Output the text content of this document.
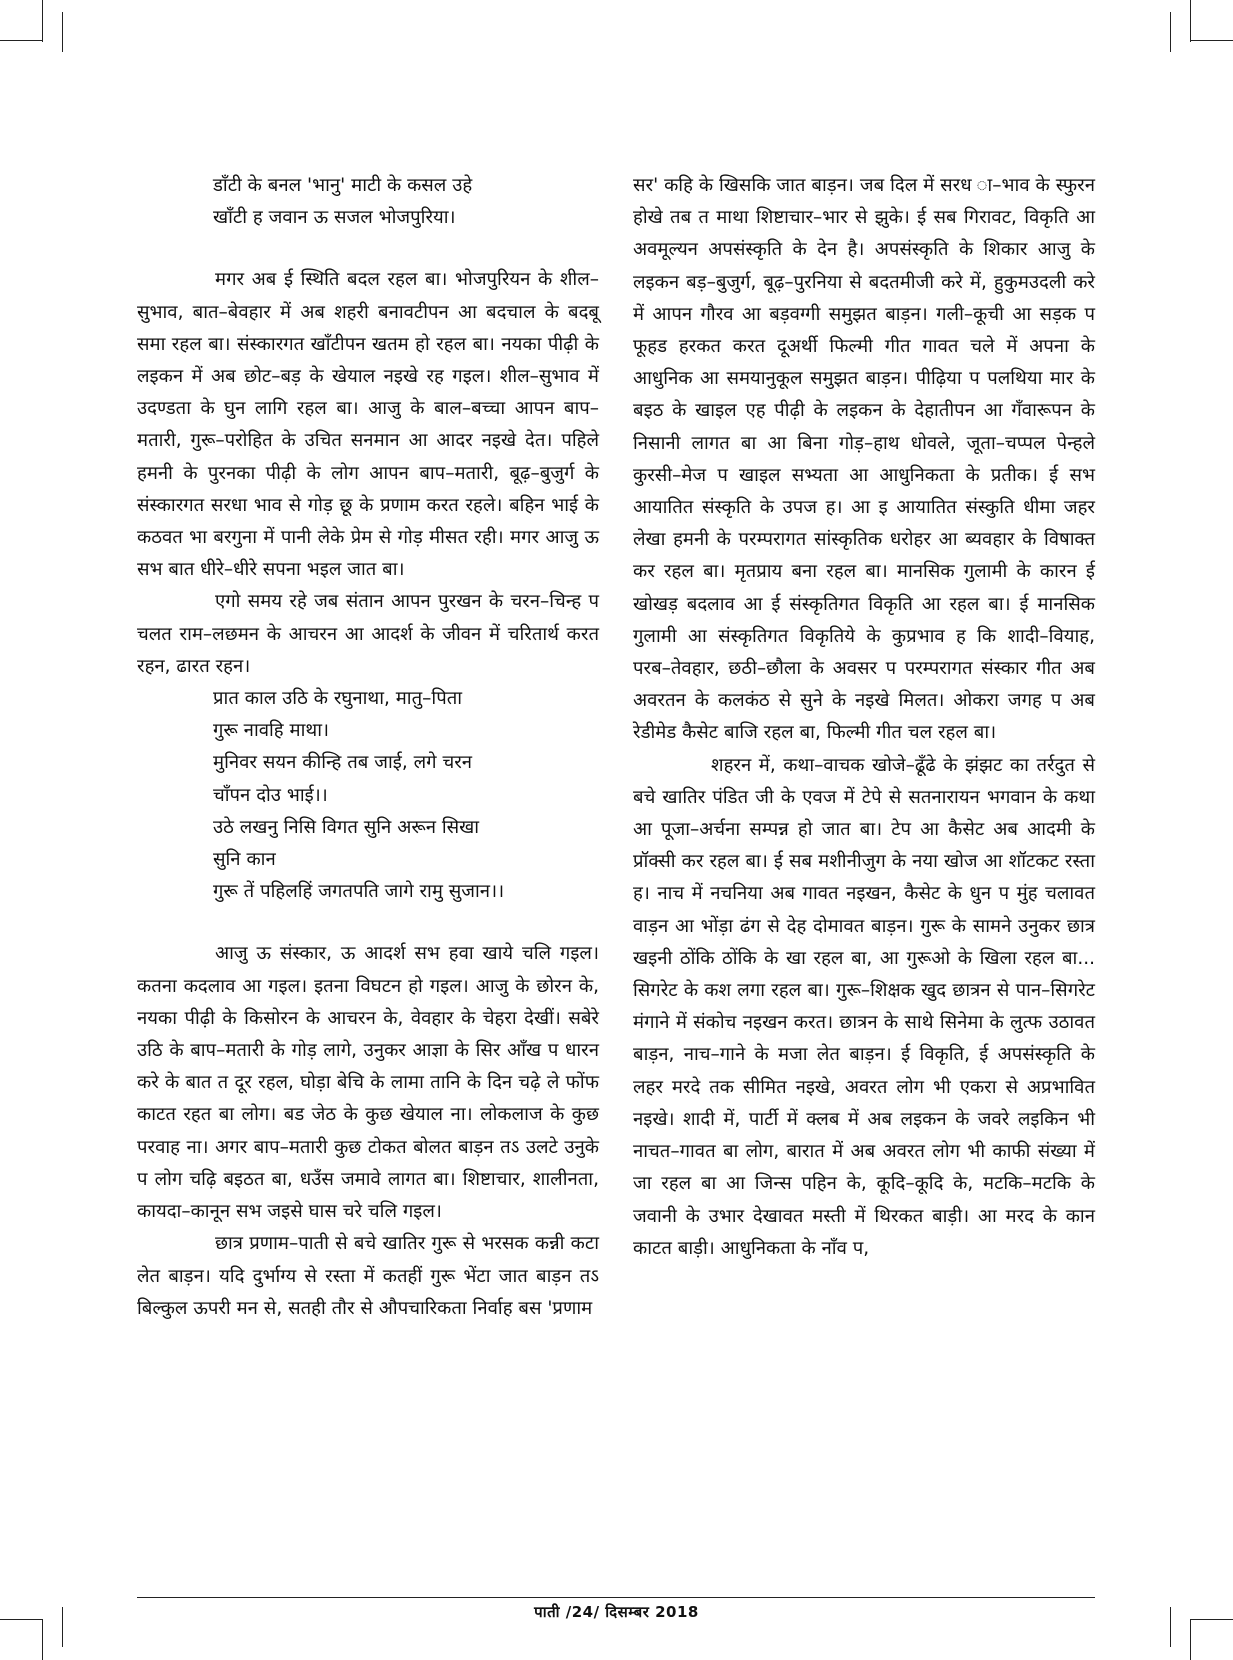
डाँटी के बनल 'भानु' माटी के कसल उहे

खाँटी ह जवान ऊ सजल भोजपुरिया।

मगर अब ई स्थिति बदल रहल बा। भोजपुरियन के शील–सुभाव, बात–बेवहार में अब शहरी बनावटीपन आ बदचाल के बदबू समा रहल बा। संस्कारगत खाँटीपन खतम हो रहल बा। नयका पीढ़ी के लइकन में अब छोट–बड़ के खेयाल नइखे रह गइल। शील–सुभाव में उदण्डता के घुन लागि रहल बा। आजु के बाल–बच्चा आपन बाप–मतारी, गुरू–परोहित के उचित सनमान आ आदर नइखे देत। पहिले हमनी के पुरनका पीढ़ी के लोग आपन बाप–मतारी, बूढ़–बुजुर्ग के संस्कारगत सरधा भाव से गोड़ छू के प्रणाम करत रहले। बहिन भाई के कठवत भा बरगुना में पानी लेके प्रेम से गोड़ मीसत रही। मगर आजु ऊ सभ बात धीरे–धीरे सपना भइल जात बा।

एगो समय रहे जब संतान आपन पुरखन के चरन–चिन्ह प चलत राम–लछमन के आचरन आ आदर्श के जीवन में चरितार्थ करत रहन, ढारत रहन।

प्रात काल उठि के रघुनाथा, मातु–पिता

गुरू नावहि माथा।

मुनिवर सयन कीन्हि तब जाई, लगे चरन

चाँपन दोउ भाई।।

उठे लखनु निसि विगत सुनि अरून सिखा

सुनि कान

गुरू तें पहिलहिं जगतपति जागे रामु सुजान।।

आजु ऊ संस्कार, ऊ आदर्श सभ हवा खाये चलि गइल। कतना कदलाव आ गइल। इतना विघटन हो गइल। आजु के छोरन के, नयका पीढ़ी के किसोरन के आचरन के, वेवहार के चेहरा देखीं। सबेरे उठि के बाप–मतारी के गोड़ लागे, उनुकर आज्ञा के सिर आँख प धारन करे के बात त दूर रहल, घोड़ा बेचि के लामा तानि के दिन चढ़े ले फोंफ काटत रहत बा लोग। बड जेठ के कुछ खेयाल ना। लोकलाज के कुछ परवाह ना। अगर बाप–मतारी कुछ टोकत बोलत बाड़न तऽ उलटे उनुके प लोग चढ़ि बइठत बा, धउँस जमावे लागत बा। शिष्टाचार, शालीनता, कायदा–कानून सभ जइसे घास चरे चलि गइल।

छात्र प्रणाम–पाती से बचे खातिर गुरू से भरसक कन्नी कटा लेत बाड़न। यदि दुर्भाग्य से रस्ता में कतहीं गुरू भेंटा जात बाड़न तऽ बिल्कुल ऊपरी मन से, सतही तौर से औपचारिकता निर्वाह बस 'प्रणाम

सर' कहि के खिसकि जात बाड़न। जब दिल में सरध ा–भाव के स्फुरन होखे तब त माथा शिष्टाचार–भार से झुके। ई सब गिरावट, विकृति आ अवमूल्यन अपसंस्कृति के देन है। अपसंस्कृति के शिकार आजु के लइकन बड़–बुजुर्ग, बूढ़–पुरनिया से बदतमीजी करे में, हुकुमउदली करे में आपन गौरव आ बड़वग्गी समुझत बाड़न। गली–कूची आ सड़क प फूहड हरकत करत दूअर्थी फिल्मी गीत गावत चले में अपना के आधुनिक आ समयानुकूल समुझत बाड़न। पीढ़िया प पलथिया मार के बइठ के खाइल एह पीढ़ी के लइकन के देहातीपन आ गँवारूपन के निसानी लागत बा आ बिना गोड़–हाथ धोवले, जूता–चप्पल पेन्हले कुरसी–मेज प खाइल सभ्यता आ आधुनिकता के प्रतीक। ई सभ आयातित संस्कृति के उपज ह। आ इ आयातित संस्कुति धीमा जहर लेखा हमनी के परम्परागत सांस्कृतिक धरोहर आ ब्यवहार के विषाक्त कर रहल बा। मृतप्राय बना रहल बा। मानसिक गुलामी के कारन ई खोखड़ बदलाव आ ई संस्कृतिगत विकृति आ रहल बा। ई मानसिक गुलामी आ संस्कृतिगत विकृतिये के कुप्रभाव ह कि शादी–वियाह, परब–तेवहार, छठी–छौला के अवसर प परम्परागत संस्कार गीत अब अवरतन के कलकंठ से सुने के नइखे मिलत। ओकरा जगह प अब रेडीमेड कैसेट बाजि रहल बा, फिल्मी गीत चल रहल बा।

शहरन में, कथा–वाचक खोजे–ढूँढे के झंझट का तर्रदुत से बचे खातिर पंडित जी के एवज में टेपे से सतनारायन भगवान के कथा आ पूजा–अर्चना सम्पन्न हो जात बा। टेप आ कैसेट अब आदमी के प्रॉक्सी कर रहल बा। ई सब मशीनीजुग के नया खोज आ शॉटकट रस्ता ह। नाच में नचनिया अब गावत नइखन, कैसेट के धुन प मुंह चलावत वाड़न आ भोंड़ा ढंग से देह दोमावत बाड़न। गुरू के सामने उनुकर छात्र खइनी ठोंकि ठोंकि के खा रहल बा, आ गुरूओ के खिला रहल बा... सिगरेट के कश लगा रहल बा। गुरू–शिक्षक खुद छात्रन से पान–सिगरेट मंगाने में संकोच नइखन करत। छात्रन के साथे सिनेमा के लुत्फ उठावत बाड़न, नाच–गाने के मजा लेत बाड़न। ई विकृति, ई अपसंस्कृति के लहर मरदे तक सीमित नइखे, अवरत लोग भी एकरा से अप्रभावित नइखे। शादी में, पार्टी में क्लब में अब लइकन के जवरे लइकिन भी नाचत–गावत बा लोग, बारात में अब अवरत लोग भी काफी संख्या में जा रहल बा आ जिन्स पहिन के, कूदि–कूदि के, मटकि–मटकि के जवानी के उभार देखावत मस्ती में थिरकत बाड़ी। आ मरद के कान काटत बाड़ी। आधुनिकता के नाँव प,

पाती /24/ दिसम्बर 2018
